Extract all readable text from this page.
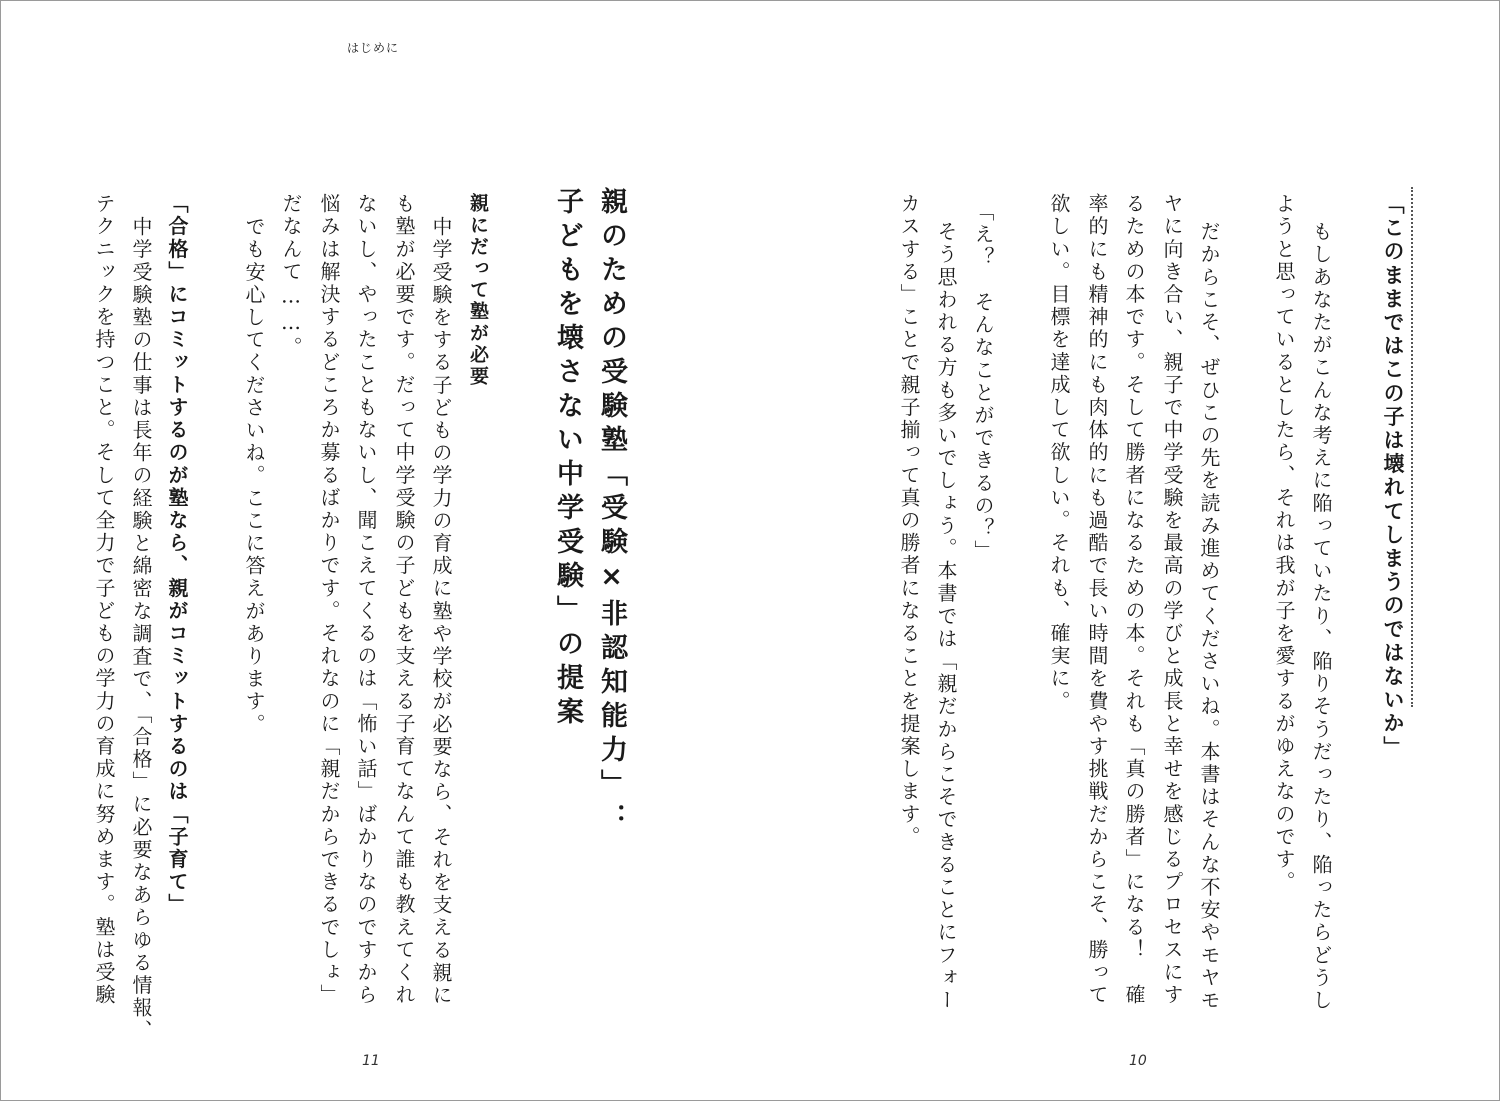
はじめに
「このままではこの子は壊れてしまうのではないか」
もしあなたがこんな考えに陥っていたり、陥りそうだったり、陥ったらどうし
ようと思っているとしたら、それは我が子を愛するがゆえなのです。
だからこそ、ぜひこの先を読み進めてくださいね。本書はそんな不安やモヤモ
ヤに向き合い、親子で中学受験を最高の学びと成長と幸せを感じるプロセスにす
るための本です。そして勝者になるための本。それも「真の勝者」になる！　確
率的にも精神的にも肉体的にも過酷で長い時間を費やす挑戦だからこそ、勝って
欲しい。目標を達成して欲しい。それも、確実に。
「え？　そんなことができるの？」
そう思われる方も多いでしょう。本書では「親だからこそできることにフォー
カスする」ことで親子揃って真の勝者になることを提案します。
10
親のための受験塾「受験×非認知能力」：
子どもを壊さない中学受験」の提案
親にだって塾が必要
中学受験をする子どもの学力の育成に塾や学校が必要なら、それを支える親に
も塾が必要です。だって中学受験の子どもを支える子育てなんて誰も教えてくれ
ないし、やったこともないし、聞こえてくるのは「怖い話」ばかりなのですから
悩みは解決するどころか募るばかりです。それなのに「親だからできるでしょ」
だなんて……。
でも安心してくださいね。ここに答えがあります。
「合格」にコミットするのが塾なら、親がコミットするのは「子育て」
中学受験塾の仕事は長年の経験と綿密な調査で、「合格」に必要なあらゆる情報、
テクニックを持つこと。そして全力で子どもの学力の育成に努めます。塾は受験
11
